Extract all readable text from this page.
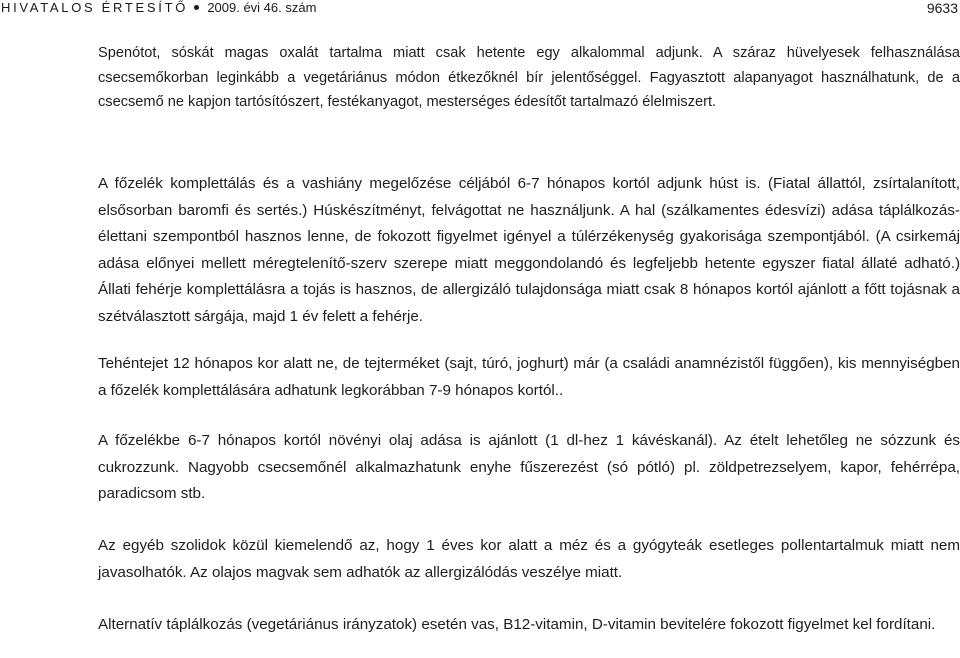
HIVATALOS ÉRTESÍTŐ 2009. évi 46. szám	9633

Spenótot, sóskát magas oxalát tartalma miatt csak hetente egy alkalommal adjunk. A száraz hüvelyesek felhasználása csecsemőkorban leginkább a vegetáriánus módon étkezőknél bír jelentőséggel. Fagyasztott alapanyagot használhatunk, de a csecsemő ne kapjon tartósítószert, festékanyagot, mesterséges édesítőt tartalmazó élelmiszert.

A főzelék komplettálás és a vashiány megelőzése céljából 6-7 hónapos kortól adjunk húst is. (Fiatal állattól, zsírtalanított, elsősorban baromfi és sertés.) Húskészítményt, felvágottat ne használjunk. A hal (szálkamentes édesvízi) adása táplálkozás-élettani szempontból hasznos lenne, de fokozott figyelmet igényel a túlérzékenység gyakorisága szempontjából. (A csirkemáj adása előnyei mellett méregtelenítő-szerv szerepe miatt meggondolandó és legfeljebb hetente egyszer fiatal állaté adható.) Állati fehérje komplettálásra a tojás is hasznos, de allergizáló tulajdonsága miatt csak 8 hónapos kortól ajánlott a főtt tojásnak a szétválasztott sárgája, majd 1 év felett a fehérje.

Tehéntejet 12 hónapos kor alatt ne, de tejterméket (sajt, túró, joghurt) már (a családi anamnézistől függően), kis mennyiségben a főzelék komplettálására adhatunk legkorábban 7-9 hónapos kortól..

A főzelékbe 6-7 hónapos kortól növényi olaj adása is ajánlott (1 dl-hez 1 kávéskanál). Az ételt lehetőleg ne sózzunk és cukrozzunk. Nagyobb csecsemőnél alkalmazhatunk enyhe fűszerezést (só pótló) pl. zöldpetrezselyem, kapor, fehérrépa, paradicsom stb.

Az egyéb szolidok közül kiemelendő az, hogy 1 éves kor alatt a méz és a gyógyteák esetleges pollentartalmuk miatt nem javasolhatók. Az olajos magvak sem adhatók az allergizálódás veszélye miatt.

Alternatív táplálkozás (vegetáriánus irányzatok) esetén vas, B12-vitamin, D-vitamin bevitelére fokozott figyelmet kel fordítani.
